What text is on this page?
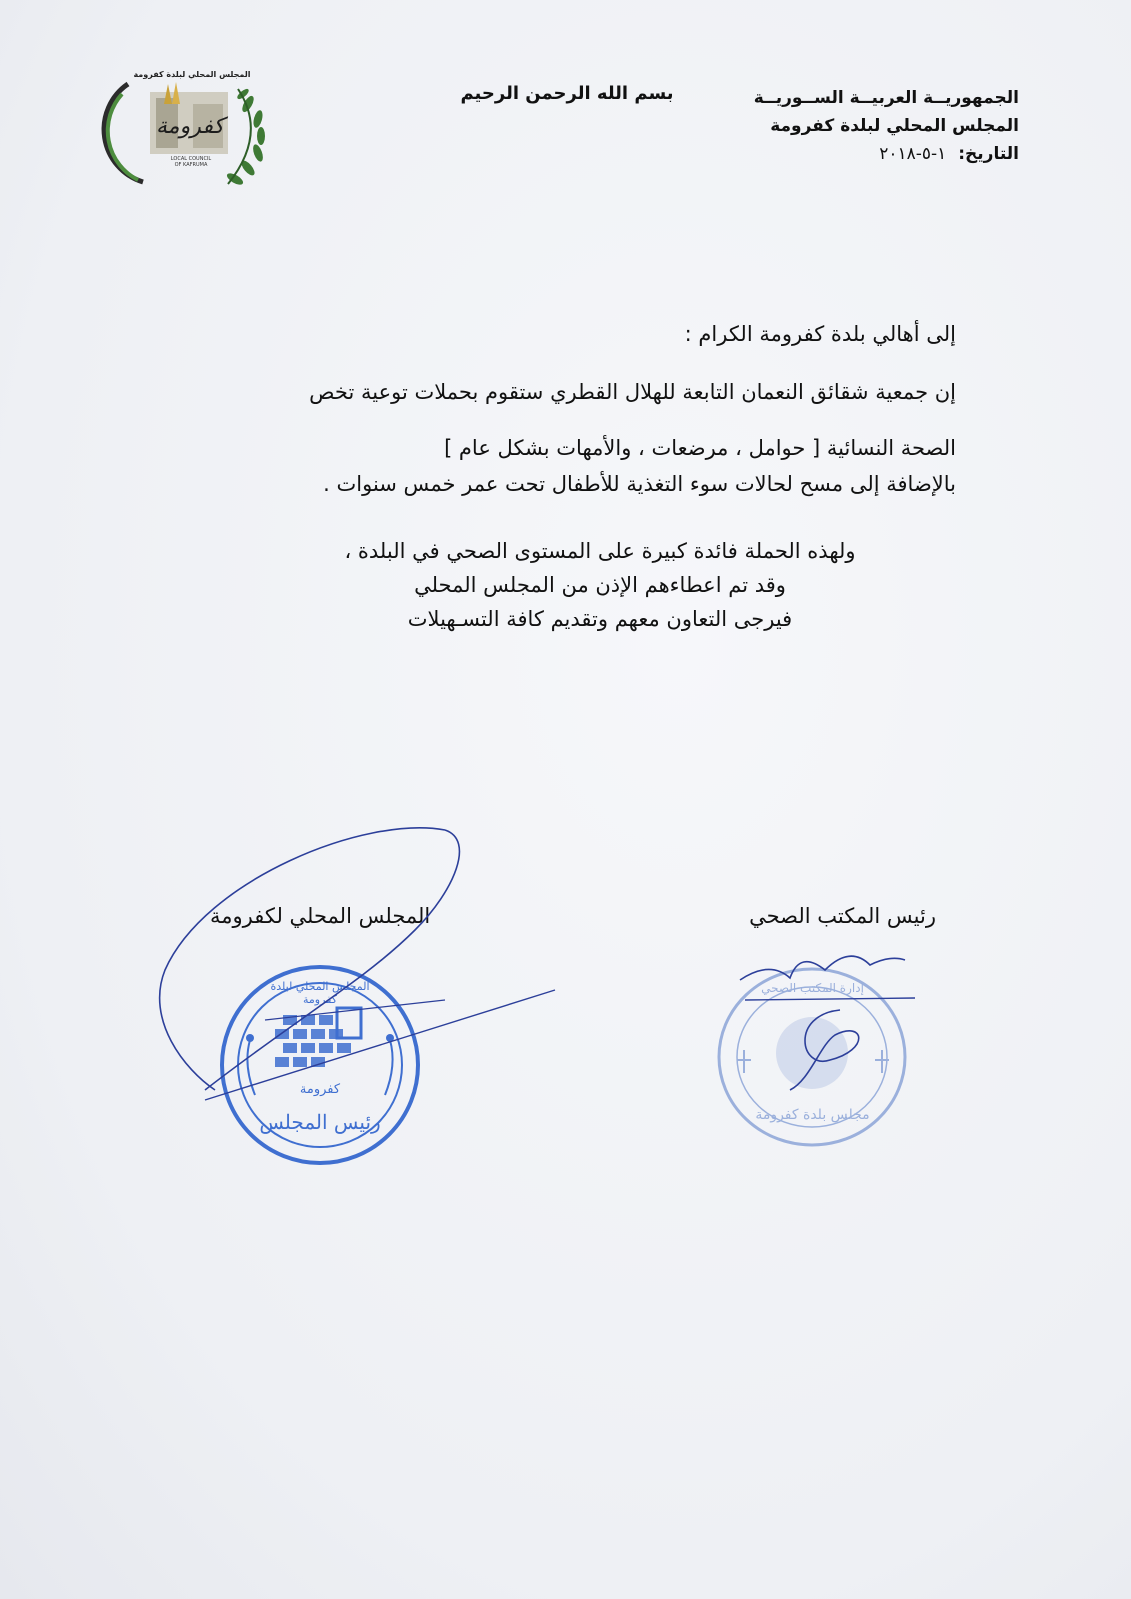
المجلس المحلي لبلدة كفرومة
كفرومة
LOCAL COUNCIL
OF KAFRUMA
بسم الله الرحمن الرحيم	الجمهوريــة العربيــة الســوريــة
المجلس المحلي لبلدة كفرومة
التاريخ: ١-٥-٢٠١٨
إلى أهالي بلدة كفرومة الكرام :
إن جمعية شقائق النعمان التابعة للهلال القطري ستقوم بحملات توعية تخص
الصحة النسائية [ حوامل ، مرضعات ، والأمهات بشكل عام ]
بالإضافة إلى مسح لحالات سوء التغذية للأطفال تحت عمر خمس سنوات .
ولهذه الحملة فائدة كبيرة على المستوى الصحي في البلدة ،
وقد تم اعطاءهم الإذن من المجلس المحلي
فيرجى التعاون معهم وتقديم كافة التسـهيلات
المجلس المحلي لكفرومة	رئيس المكتب الصحي
المجلس المحلي لبلدة كفرومة
كفرومة
رئيس المجلس
إدارة المكتب الصحي
مجلس بلدة كفرومة
